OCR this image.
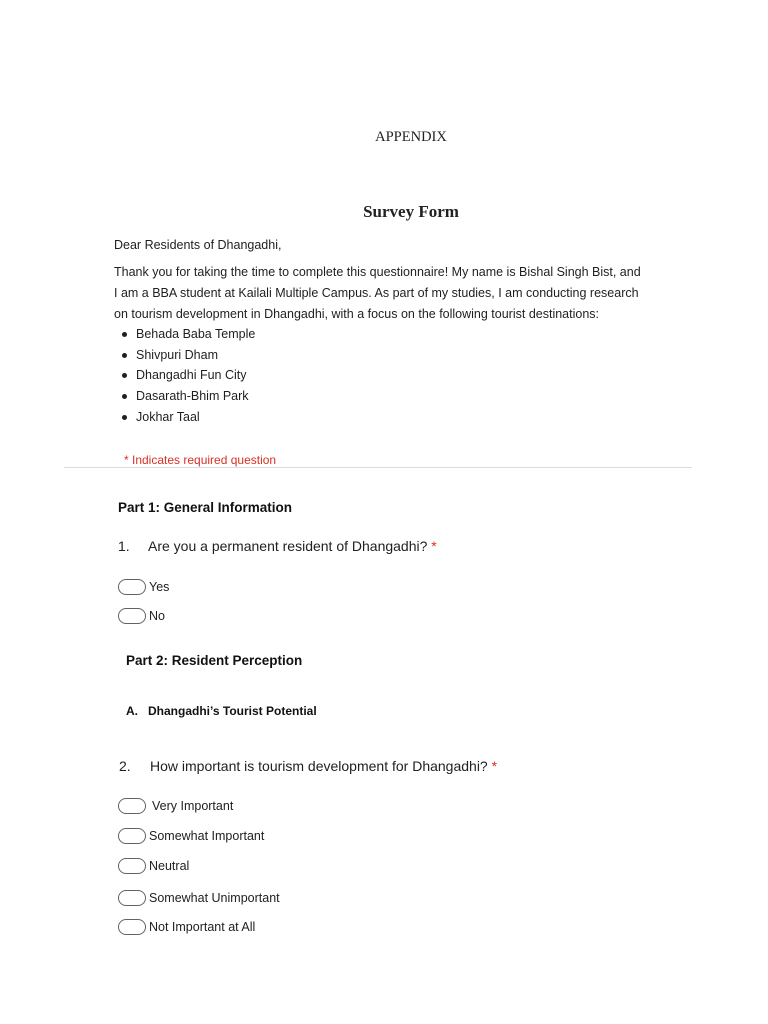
APPENDIX
Survey Form
Dear Residents of Dhangadhi,
Thank you for taking the time to complete this questionnaire! My name is Bishal Singh Bist, and
I am a BBA student at Kailali Multiple Campus. As part of my studies, I am conducting research
on tourism development in Dhangadhi, with a focus on the following tourist destinations:
Behada Baba Temple
Shivpuri Dham
Dhangadhi Fun City
Dasarath-Bhim Park
Jokhar Taal
* Indicates required question
Part 1: General Information
1. Are you a permanent resident of Dhangadhi? *
Yes
No
Part 2: Resident Perception
A. Dhangadhi’s Tourist Potential
2. How important is tourism development for Dhangadhi? *
Very Important
Somewhat Important
Neutral
Somewhat Unimportant
Not Important at All
